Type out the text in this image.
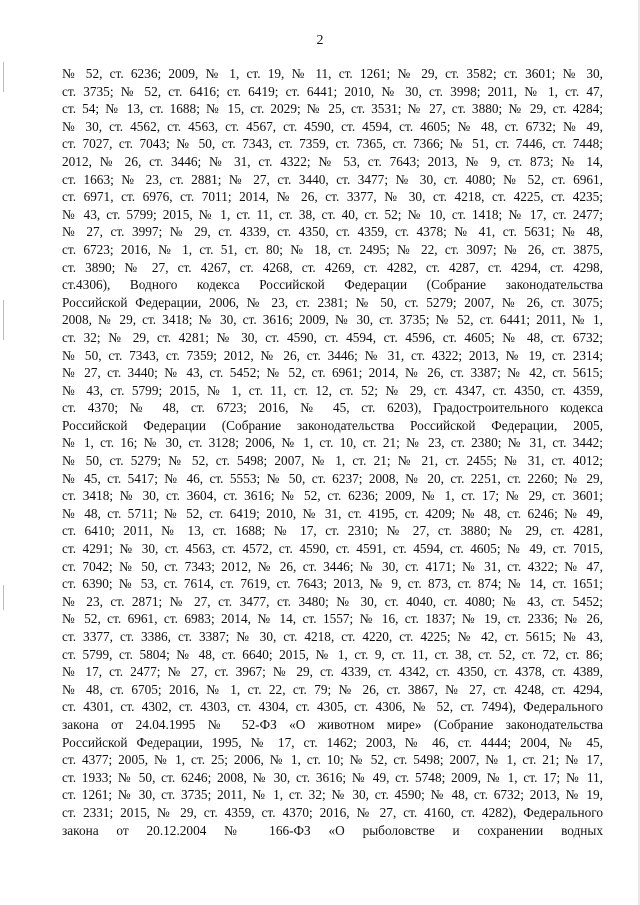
2
№ 52, ст. 6236; 2009, № 1, ст. 19, № 11, ст. 1261; № 29, ст. 3582; ст. 3601; № 30,
ст. 3735; № 52, ст. 6416; ст. 6419; ст. 6441; 2010, № 30, ст. 3998; 2011, № 1, ст. 47,
ст. 54; № 13, ст. 1688; № 15, ст. 2029; № 25, ст. 3531; № 27, ст. 3880; № 29, ст. 4284;
№ 30, ст. 4562, ст. 4563, ст. 4567, ст. 4590, ст. 4594, ст. 4605; № 48, ст. 6732; № 49,
ст. 7027, ст. 7043; № 50, ст. 7343, ст. 7359, ст. 7365, ст. 7366; № 51, ст. 7446, ст. 7448;
2012, № 26, ст. 3446; № 31, ст. 4322; № 53, ст. 7643; 2013, № 9, ст. 873; № 14,
ст. 1663; № 23, ст. 2881; № 27, ст. 3440, ст. 3477; № 30, ст. 4080; № 52, ст. 6961,
ст. 6971, ст. 6976, ст. 7011; 2014, № 26, ст. 3377, № 30, ст. 4218, ст. 4225, ст. 4235;
№ 43, ст. 5799; 2015, № 1, ст. 11, ст. 38, ст. 40, ст. 52; № 10, ст. 1418; № 17, ст. 2477;
№ 27, ст. 3997; № 29, ст. 4339, ст. 4350, ст. 4359, ст. 4378; № 41, ст. 5631; № 48,
ст. 6723; 2016, № 1, ст. 51, ст. 80; № 18, ст. 2495; № 22, ст. 3097; № 26, ст. 3875,
ст. 3890; № 27, ст. 4267, ст. 4268, ст. 4269, ст. 4282, ст. 4287, ст. 4294, ст. 4298,
ст.4306), Водного кодекса Российской Федерации (Собрание законодательства
Российской Федерации, 2006, № 23, ст. 2381; № 50, ст. 5279; 2007, № 26, ст. 3075;
2008, № 29, ст. 3418; № 30, ст. 3616; 2009, № 30, ст. 3735; № 52, ст. 6441; 2011, № 1,
ст. 32; № 29, ст. 4281; № 30, ст. 4590, ст. 4594, ст. 4596, ст. 4605; № 48, ст. 6732;
№ 50, ст. 7343, ст. 7359; 2012, № 26, ст. 3446; № 31, ст. 4322; 2013, № 19, ст. 2314;
№ 27, ст. 3440; № 43, ст. 5452; № 52, ст. 6961; 2014, № 26, ст. 3387; № 42, ст. 5615;
№ 43, ст. 5799; 2015, № 1, ст. 11, ст. 12, ст. 52; № 29, ст. 4347, ст. 4350, ст. 4359,
ст. 4370; № 48, ст. 6723; 2016, № 45, ст. 6203), Градостроительного кодекса
Российской Федерации (Собрание законодательства Российской Федерации, 2005,
№ 1, ст. 16; № 30, ст. 3128; 2006, № 1, ст. 10, ст. 21; № 23, ст. 2380; № 31, ст. 3442;
№ 50, ст. 5279; № 52, ст. 5498; 2007, № 1, ст. 21; № 21, ст. 2455; № 31, ст. 4012;
№ 45, ст. 5417; № 46, ст. 5553; № 50, ст. 6237; 2008, № 20, ст. 2251, ст. 2260; № 29,
ст. 3418; № 30, ст. 3604, ст. 3616; № 52, ст. 6236; 2009, № 1, ст. 17; № 29, ст. 3601;
№ 48, ст. 5711; № 52, ст. 6419; 2010, № 31, ст. 4195, ст. 4209; № 48, ст. 6246; № 49,
ст. 6410; 2011, № 13, ст. 1688; № 17, ст. 2310; № 27, ст. 3880; № 29, ст. 4281,
ст. 4291; № 30, ст. 4563, ст. 4572, ст. 4590, ст. 4591, ст. 4594, ст. 4605; № 49, ст. 7015,
ст. 7042; № 50, ст. 7343; 2012, № 26, ст. 3446; № 30, ст. 4171; № 31, ст. 4322; № 47,
ст. 6390; № 53, ст. 7614, ст. 7619, ст. 7643; 2013, № 9, ст. 873, ст. 874; № 14, ст. 1651;
№ 23, ст. 2871; № 27, ст. 3477, ст. 3480; № 30, ст. 4040, ст. 4080; № 43, ст. 5452;
№ 52, ст. 6961, ст. 6983; 2014, № 14, ст. 1557; № 16, ст. 1837; № 19, ст. 2336; № 26,
ст. 3377, ст. 3386, ст. 3387; № 30, ст. 4218, ст. 4220, ст. 4225; № 42, ст. 5615; № 43,
ст. 5799, ст. 5804; № 48, ст. 6640; 2015, № 1, ст. 9, ст. 11, ст. 38, ст. 52, ст. 72, ст. 86;
№ 17, ст. 2477; № 27, ст. 3967; № 29, ст. 4339, ст. 4342, ст. 4350, ст. 4378, ст. 4389,
№ 48, ст. 6705; 2016, № 1, ст. 22, ст. 79; № 26, ст. 3867, № 27, ст. 4248, ст. 4294,
ст. 4301, ст. 4302, ст. 4303, ст. 4304, ст. 4305, ст. 4306, № 52, ст. 7494), Федерального
закона от 24.04.1995 № 52-ФЗ «О животном мире» (Собрание законодательства
Российской Федерации, 1995, № 17, ст. 1462; 2003, № 46, ст. 4444; 2004, № 45,
ст. 4377; 2005, № 1, ст. 25; 2006, № 1, ст. 10; № 52, ст. 5498; 2007, № 1, ст. 21; № 17,
ст. 1933; № 50, ст. 6246; 2008, № 30, ст. 3616; № 49, ст. 5748; 2009, № 1, ст. 17; № 11,
ст. 1261; № 30, ст. 3735; 2011, № 1, ст. 32; № 30, ст. 4590; № 48, ст. 6732; 2013, № 19,
ст. 2331; 2015, № 29, ст. 4359, ст. 4370; 2016, № 27, ст. 4160, ст. 4282), Федерального
закона от 20.12.2004 № 166-ФЗ «О рыболовстве и сохранении водных
